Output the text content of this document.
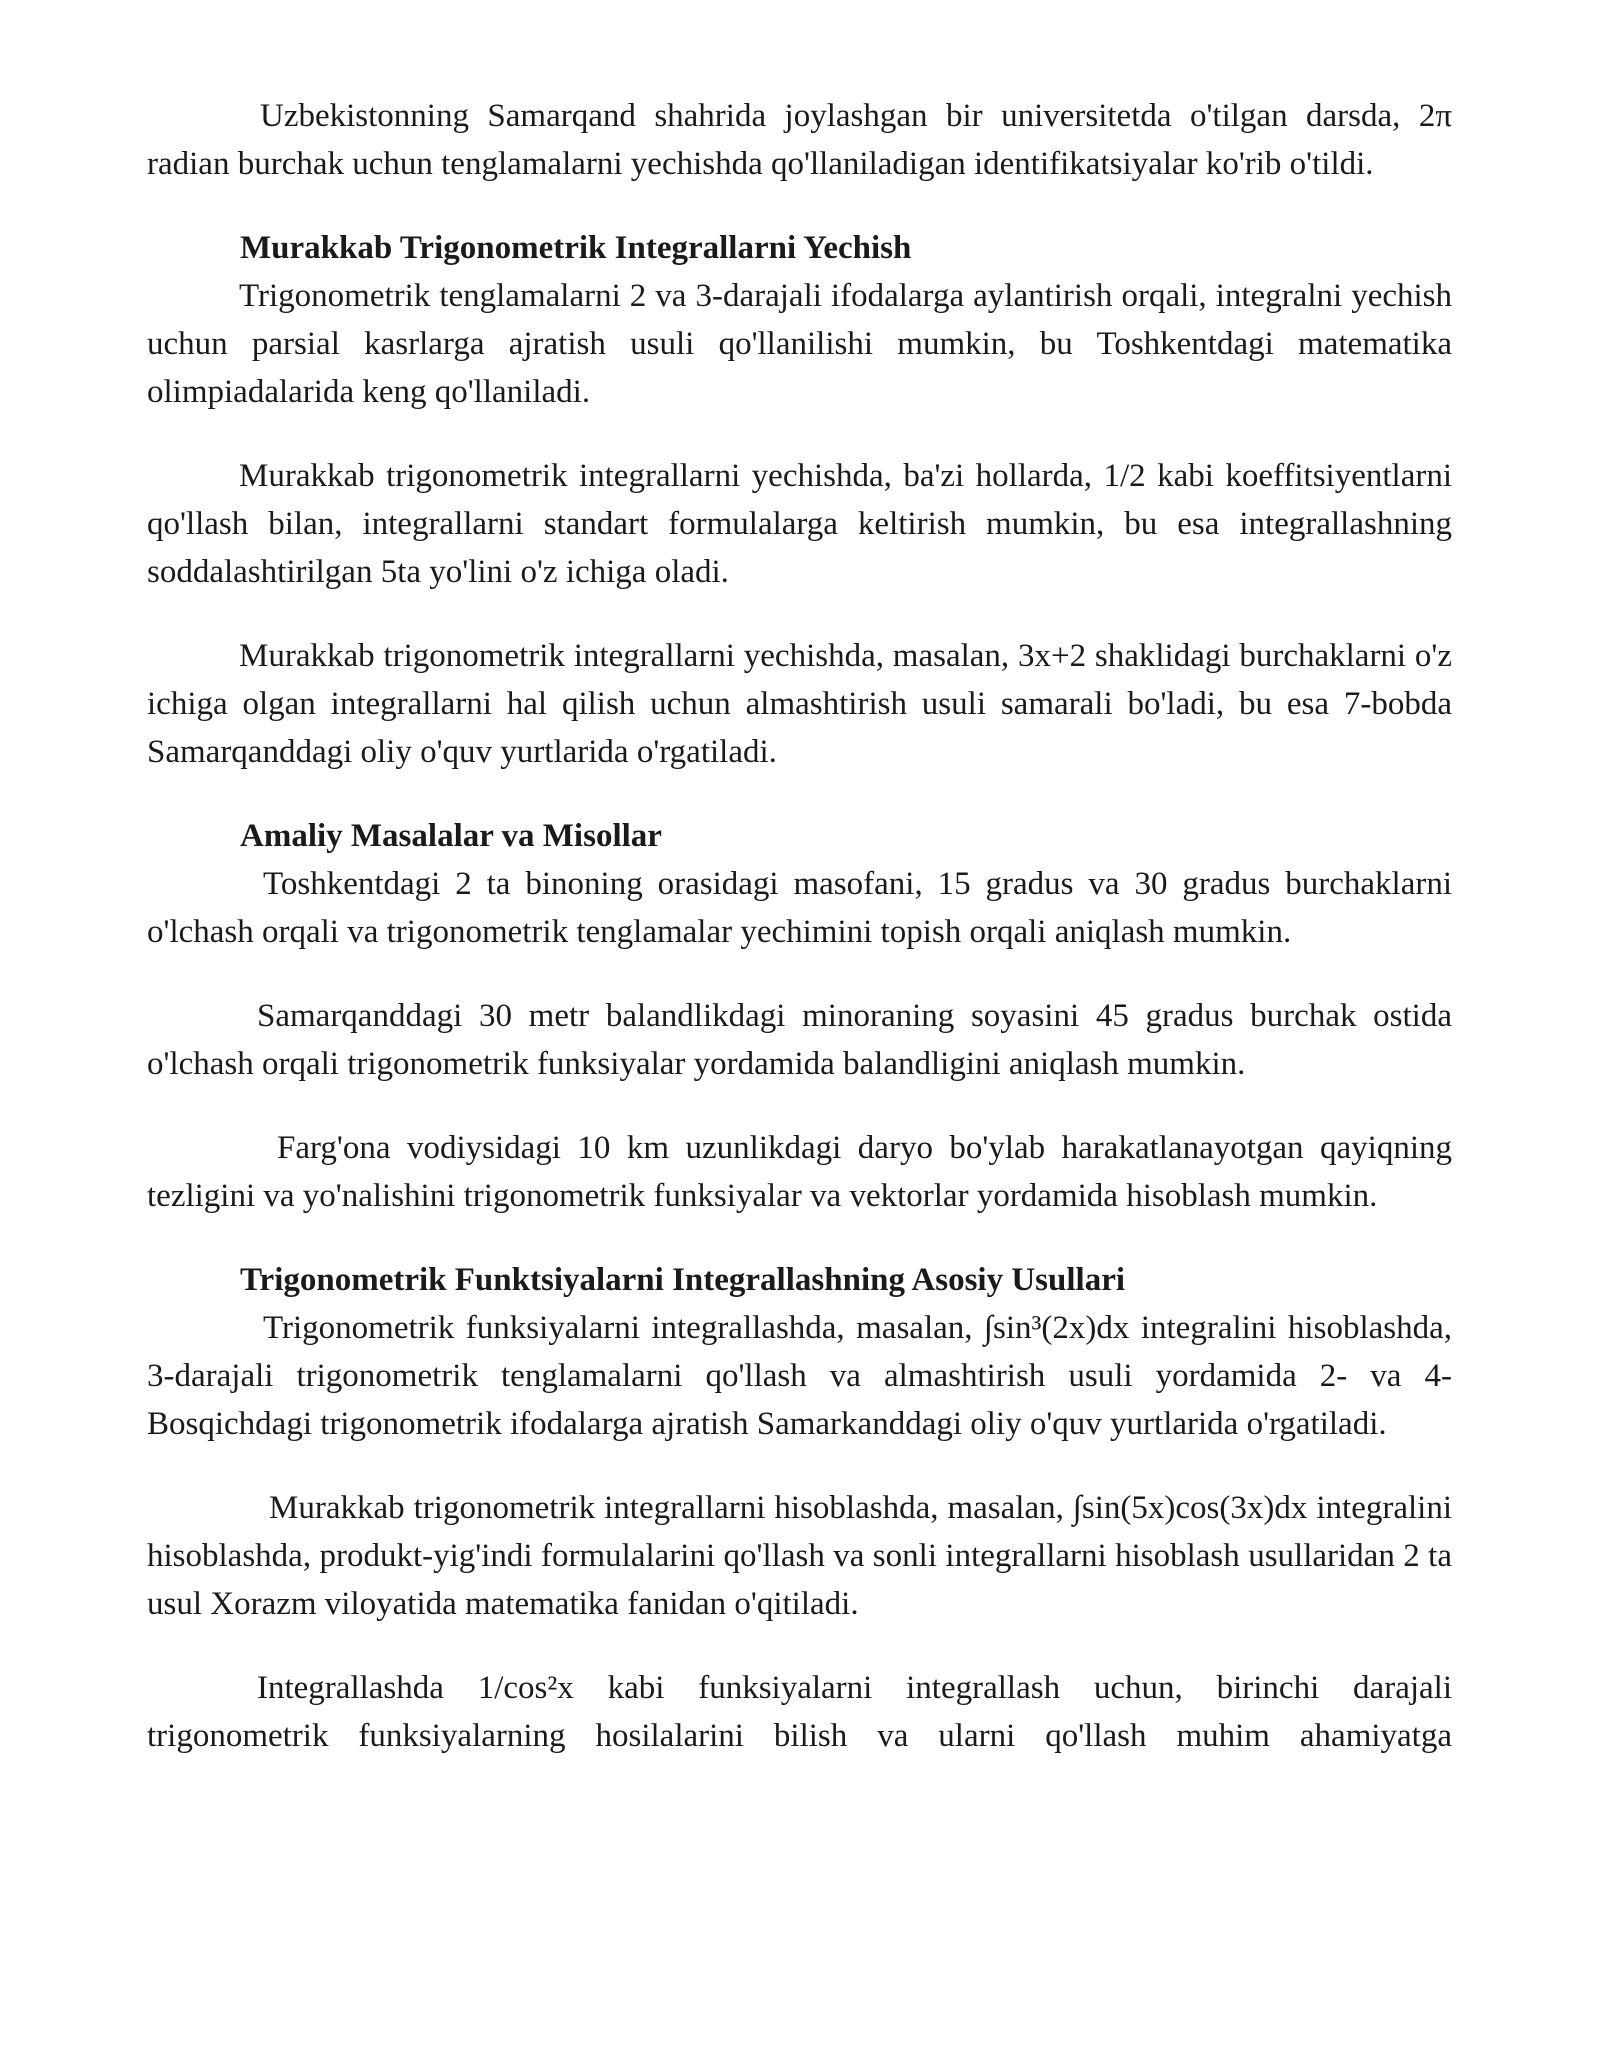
Uzbekistonning Samarqand shahrida joylashgan bir universitetda o'tilgan darsda, 2π radian burchak uchun tenglamalarni yechishda qo'llaniladigan identifikatsiyalar ko'rib o'tildi.

Murakkab Trigonometrik Integrallarni Yechish

Trigonometrik tenglamalarni 2 va 3-darajali ifodalarga aylantirish orqali, integralni yechish uchun parsial kasrlarga ajratish usuli qo'llanilishi mumkin, bu Toshkentdagi matematika olimpiadalarida keng qo'llaniladi.

Murakkab trigonometrik integrallarni yechishda, ba'zi hollarda, 1/2 kabi koeffitsiyentlarni qo'llash bilan, integrallarni standart formulalarga keltirish mumkin, bu esa integrallashning soddalashtirilgan 5ta yo'lini o'z ichiga oladi.

Murakkab trigonometrik integrallarni yechishda, masalan, 3x+2 shaklidagi burchaklarni o'z ichiga olgan integrallarni hal qilish uchun almashtirish usuli samarali bo'ladi, bu esa 7-bobda Samarqanddagi oliy o'quv yurtlarida o'rgatiladi.

Amaliy Masalalar va Misollar

Toshkentdagi 2 ta binoning orasidagi masofani, 15 gradus va 30 gradus burchaklarni o'lchash orqali va trigonometrik tenglamalar yechimini topish orqali aniqlash mumkin.

Samarqanddagi 30 metr balandlikdagi minoraning soyasini 45 gradus burchak ostida o'lchash orqali trigonometrik funksiyalar yordamida balandligini aniqlash mumkin.

Farg'ona vodiysidagi 10 km uzunlikdagi daryo bo'ylab harakatlanayotgan qayiqning tezligini va yo'nalishini trigonometrik funksiyalar va vektorlar yordamida hisoblash mumkin.

Trigonometrik Funktsiyalarni Integrallashning Asosiy Usullari

Trigonometrik funksiyalarni integrallashda, masalan, ∫sin³(2x)dx integralini hisoblashda, 3-darajali trigonometrik tenglamalarni qo'llash va almashtirish usuli yordamida 2- va 4- Bosqichdagi trigonometrik ifodalarga ajratish Samarkanddagi oliy o'quv yurtlarida o'rgatiladi.

Murakkab trigonometrik integrallarni hisoblashda, masalan, ∫sin(5x)cos(3x)dx integralini hisoblashda, produkt-yig'indi formulalarini qo'llash va sonli integrallarni hisoblash usullaridan 2 ta usul Xorazm viloyatida matematika fanidan o'qitiladi.

Integrallashda 1/cos²x kabi funksiyalarni integrallash uchun, birinchi darajali trigonometrik funksiyalarning hosilalarini bilish va ularni qo'llash muhim ahamiyatga
